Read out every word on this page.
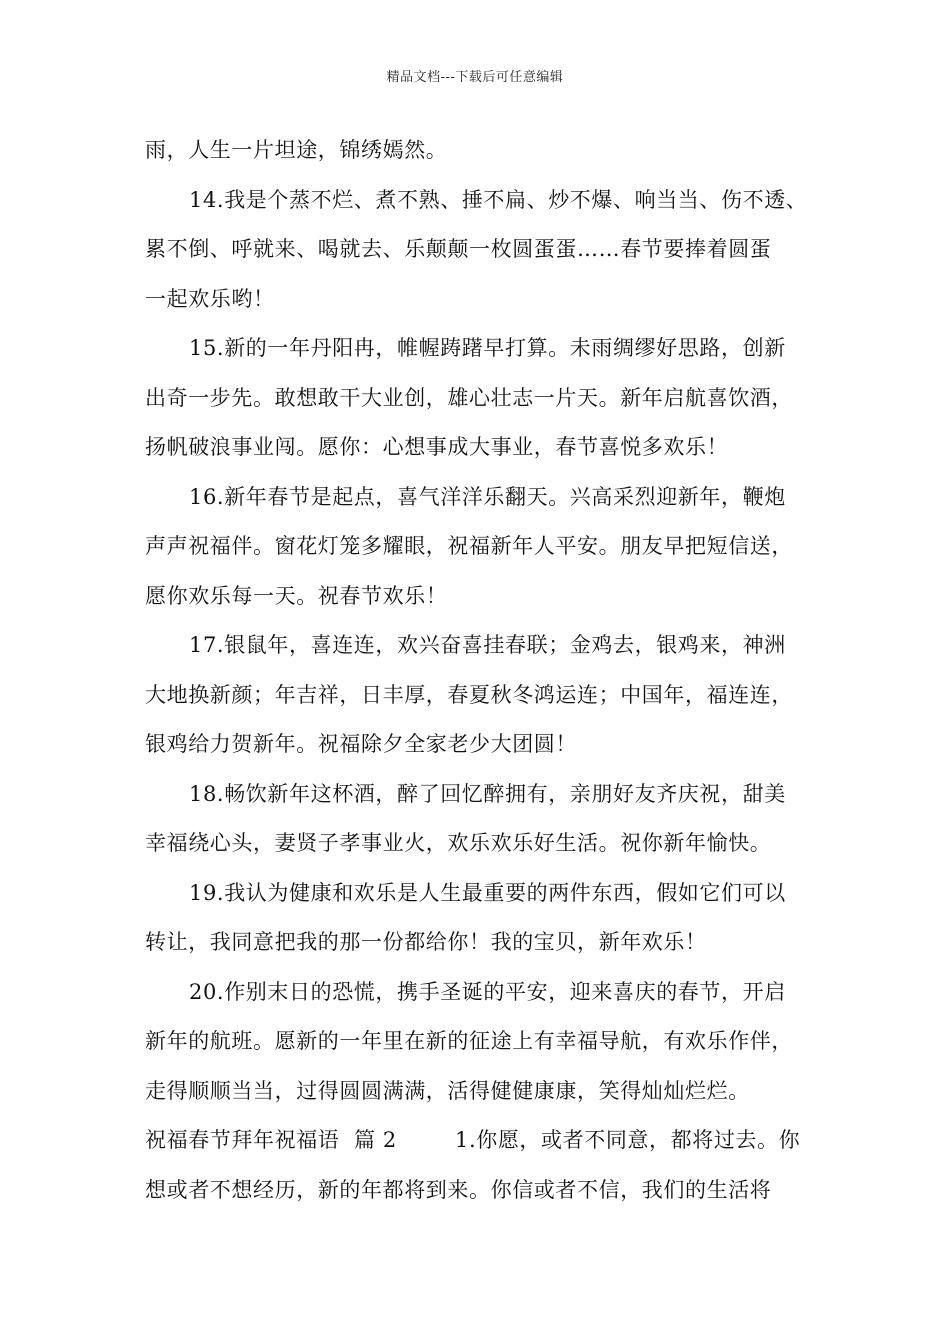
精品文档---下载后可任意编辑
雨，人生一片坦途，锦绣嫣然。
14.我是个蒸不烂、煮不熟、捶不扁、炒不爆、响当当、伤不透、
累不倒、呼就来、喝就去、乐颠颠一枚圆蛋蛋……春节要捧着圆蛋
一起欢乐哟！
15.新的一年丹阳冉，帷幄踌躇早打算。未雨绸缪好思路，创新
出奇一步先。敢想敢干大业创，雄心壮志一片天。新年启航喜饮酒，
扬帆破浪事业闯。愿你：心想事成大事业，春节喜悦多欢乐！
16.新年春节是起点，喜气洋洋乐翻天。兴高采烈迎新年，鞭炮
声声祝福伴。窗花灯笼多耀眼，祝福新年人平安。朋友早把短信送，
愿你欢乐每一天。祝春节欢乐！
17.银鼠年，喜连连，欢兴奋喜挂春联；金鸡去，银鸡来，神洲
大地换新颜；年吉祥，日丰厚，春夏秋冬鸿运连；中国年，福连连，
银鸡给力贺新年。祝福除夕全家老少大团圆！
18.畅饮新年这杯酒，醉了回忆醉拥有，亲朋好友齐庆祝，甜美
幸福绕心头，妻贤子孝事业火，欢乐欢乐好生活。祝你新年愉快。
19.我认为健康和欢乐是人生最重要的两件东西，假如它们可以
转让，我同意把我的那一份都给你！我的宝贝，新年欢乐！
20.作别末日的恐慌，携手圣诞的平安，迎来喜庆的春节，开启
新年的航班。愿新的一年里在新的征途上有幸福导航，有欢乐作伴，
走得顺顺当当，过得圆圆满满，活得健健康康，笑得灿灿烂烂。
祝福春节拜年祝福语  篇 2        1.你愿，或者不同意，都将过去。你
想或者不想经历，新的年都将到来。你信或者不信，我们的生活将
